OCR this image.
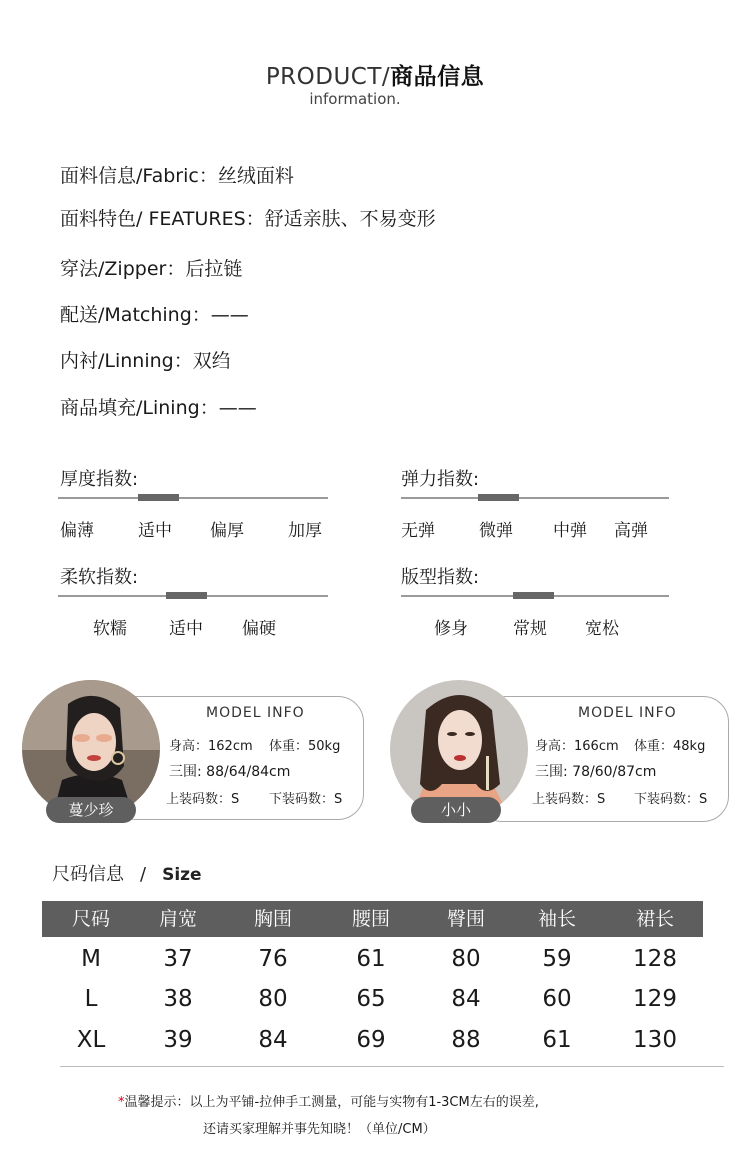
PRODUCT/商品信息
information.
面料信息/Fabric：丝绒面料
面料特色/ FEATURES：舒适亲肤、不易变形
穿法/Zipper：后拉链
配送/Matching：——
内衬/Linning：双绉
商品填充/Lining：——
厚度指数:
偏薄	适中 偏厚	加厚
弹力指数:
无弹	微弹 中弹 高弹
柔软指数:
软糯 适中 偏硬
版型指数:
修身	常规 宽松
蔓少珍
MODEL INFO
身高：162cm 体重：50kg
三围: 88/64/84cm
上装码数：S 下装码数：S
小小
MODEL INFO
身高：166cm 体重：48kg
三围: 78/60/87cm
上装码数：S 下装码数：S
尺码信息 / Size
尺码	肩宽	胸围	腰围	臀围	袖长	裙长
M	37	76	61	80	59	128
L	38	80	65	84	60	129
XL	39	84	69	88	61	130
*温馨提示：以上为平铺-拉伸手工测量，可能与实物有1-3CM左右的误差,
还请买家理解并事先知晓！（单位/CM）
